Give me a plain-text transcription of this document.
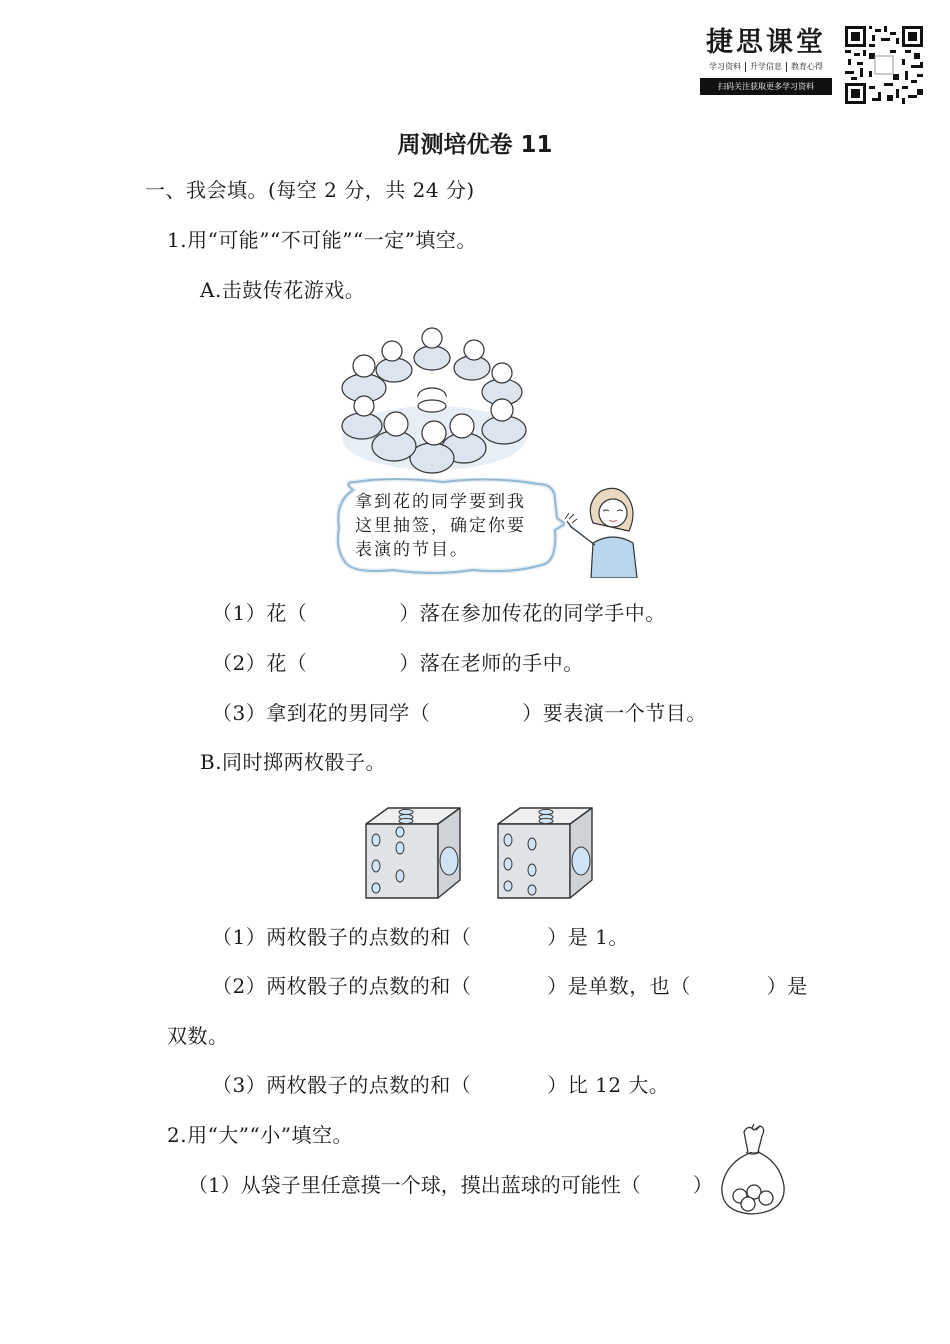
捷思课堂
学习资料	升学信息	教育心得
扫码关注获取更多学习资料
周测培优卷 11
一、我会填。(每空 2 分，共 24 分)
1.用“可能”“不可能”“一定”填空。
A.击鼓传花游戏。
拿到花的同学要到我
这里抽签，确定你要
表演的节目。
（1）花（	）落在参加传花的同学手中。
（2）花（	）落在老师的手中。
（3）拿到花的男同学（	）要表演一个节目。
B.同时掷两枚骰子。
（1）两枚骰子的点数的和（	）是 1。
（2）两枚骰子的点数的和（	）是单数，也（	）是
双数。
（3）两枚骰子的点数的和（	）比 12 大。
2.用“大”“小”填空。
（1）从袋子里任意摸一个球，摸出蓝球的可能性（	）
